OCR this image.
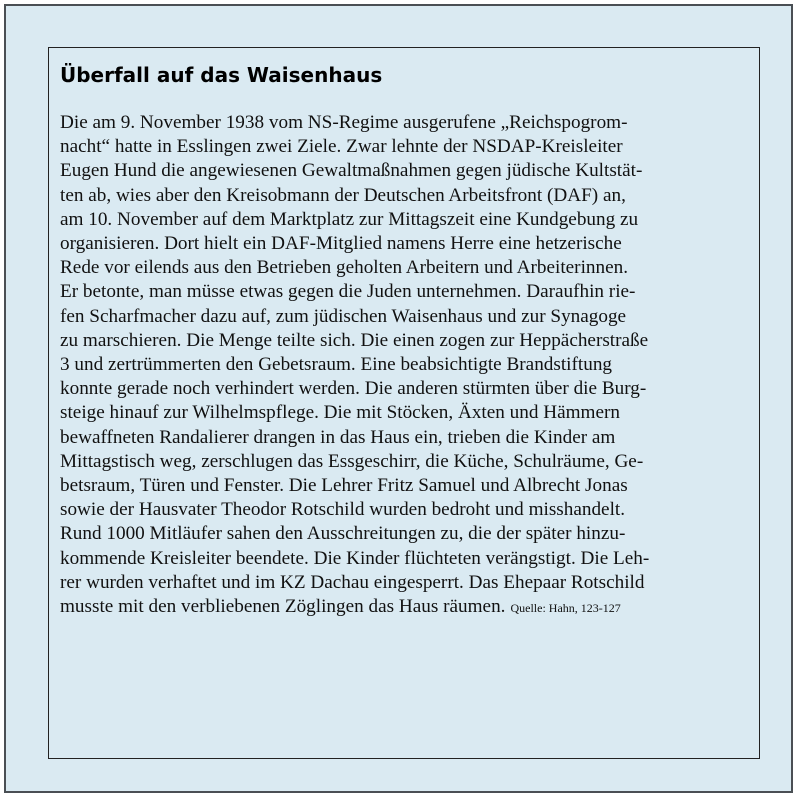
Überfall auf das Waisenhaus

Die am 9. November 1938 vom NS-Regime ausgerufene „Reichspogrom-
nacht“ hatte in Esslingen zwei Ziele. Zwar lehnte der NSDAP-Kreisleiter
Eugen Hund die angewiesenen Gewaltmaßnahmen gegen jüdische Kultstät-
ten ab, wies aber den Kreisobmann der Deutschen Arbeitsfront (DAF) an,
am 10. November auf dem Marktplatz zur Mittagszeit eine Kundgebung zu
organisieren. Dort hielt ein DAF-Mitglied namens Herre eine hetzerische
Rede vor eilends aus den Betrieben geholten Arbeitern und Arbeiterinnen.
Er betonte, man müsse etwas gegen die Juden unternehmen. Daraufhin rie-
fen Scharfmacher dazu auf, zum jüdischen Waisenhaus und zur Synagoge
zu marschieren. Die Menge teilte sich. Die einen zogen zur Heppächerstraße
3 und zertrümmerten den Gebetsraum. Eine beabsichtigte Brandstiftung
konnte gerade noch verhindert werden. Die anderen stürmten über die Burg-
steige hinauf zur Wilhelmspflege. Die mit Stöcken, Äxten und Hämmern
bewaffneten Randalierer drangen in das Haus ein, trieben die Kinder am
Mittagstisch weg, zerschlugen das Essgeschirr, die Küche, Schulräume, Ge-
betsraum, Türen und Fenster. Die Lehrer Fritz Samuel und Albrecht Jonas
sowie der Hausvater Theodor Rotschild wurden bedroht und misshandelt.
Rund 1000 Mitläufer sahen den Ausschreitungen zu, die der später hinzu-
kommende Kreisleiter beendete. Die Kinder flüchteten verängstigt. Die Leh-
rer wurden verhaftet und im KZ Dachau eingesperrt. Das Ehepaar Rotschild
musste mit den verbliebenen Zöglingen das Haus räumen. Quelle: Hahn, 123-127
